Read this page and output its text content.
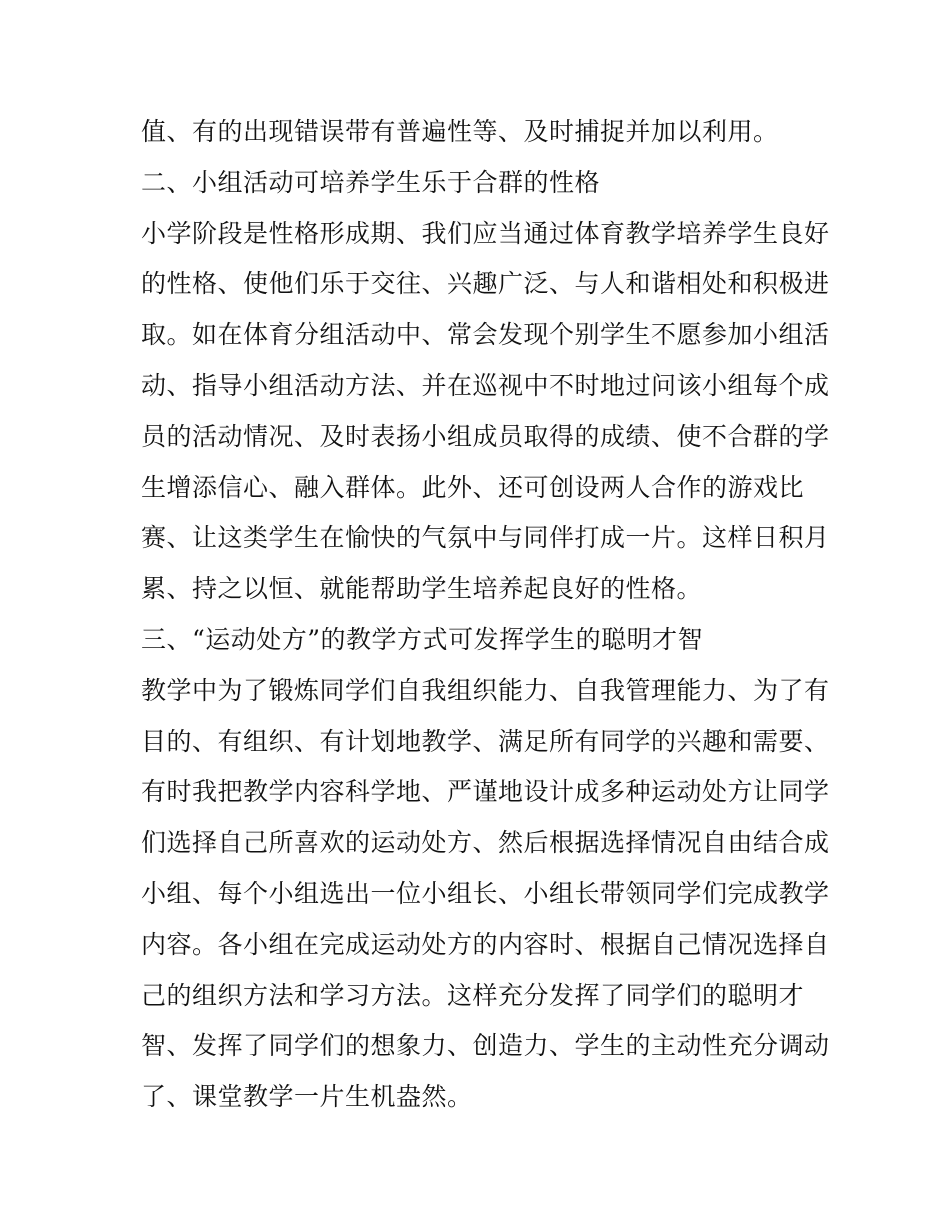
值、有的出现错误带有普遍性等、及时捕捉并加以利用。
二、小组活动可培养学生乐于合群的性格
小学阶段是性格形成期、我们应当通过体育教学培养学生良好
的性格、使他们乐于交往、兴趣广泛、与人和谐相处和积极进
取。如在体育分组活动中、常会发现个别学生不愿参加小组活
动、指导小组活动方法、并在巡视中不时地过问该小组每个成
员的活动情况、及时表扬小组成员取得的成绩、使不合群的学
生增添信心、融入群体。此外、还可创设两人合作的游戏比
赛、让这类学生在愉快的气氛中与同伴打成一片。这样日积月
累、持之以恒、就能帮助学生培养起良好的性格。
三、“运动处方”的教学方式可发挥学生的聪明才智
教学中为了锻炼同学们自我组织能力、自我管理能力、为了有
目的、有组织、有计划地教学、满足所有同学的兴趣和需要、
有时我把教学内容科学地、严谨地设计成多种运动处方让同学
们选择自己所喜欢的运动处方、然后根据选择情况自由结合成
小组、每个小组选出一位小组长、小组长带领同学们完成教学
内容。各小组在完成运动处方的内容时、根据自己情况选择自
己的组织方法和学习方法。这样充分发挥了同学们的聪明才
智、发挥了同学们的想象力、创造力、学生的主动性充分调动
了、课堂教学一片生机盎然。
